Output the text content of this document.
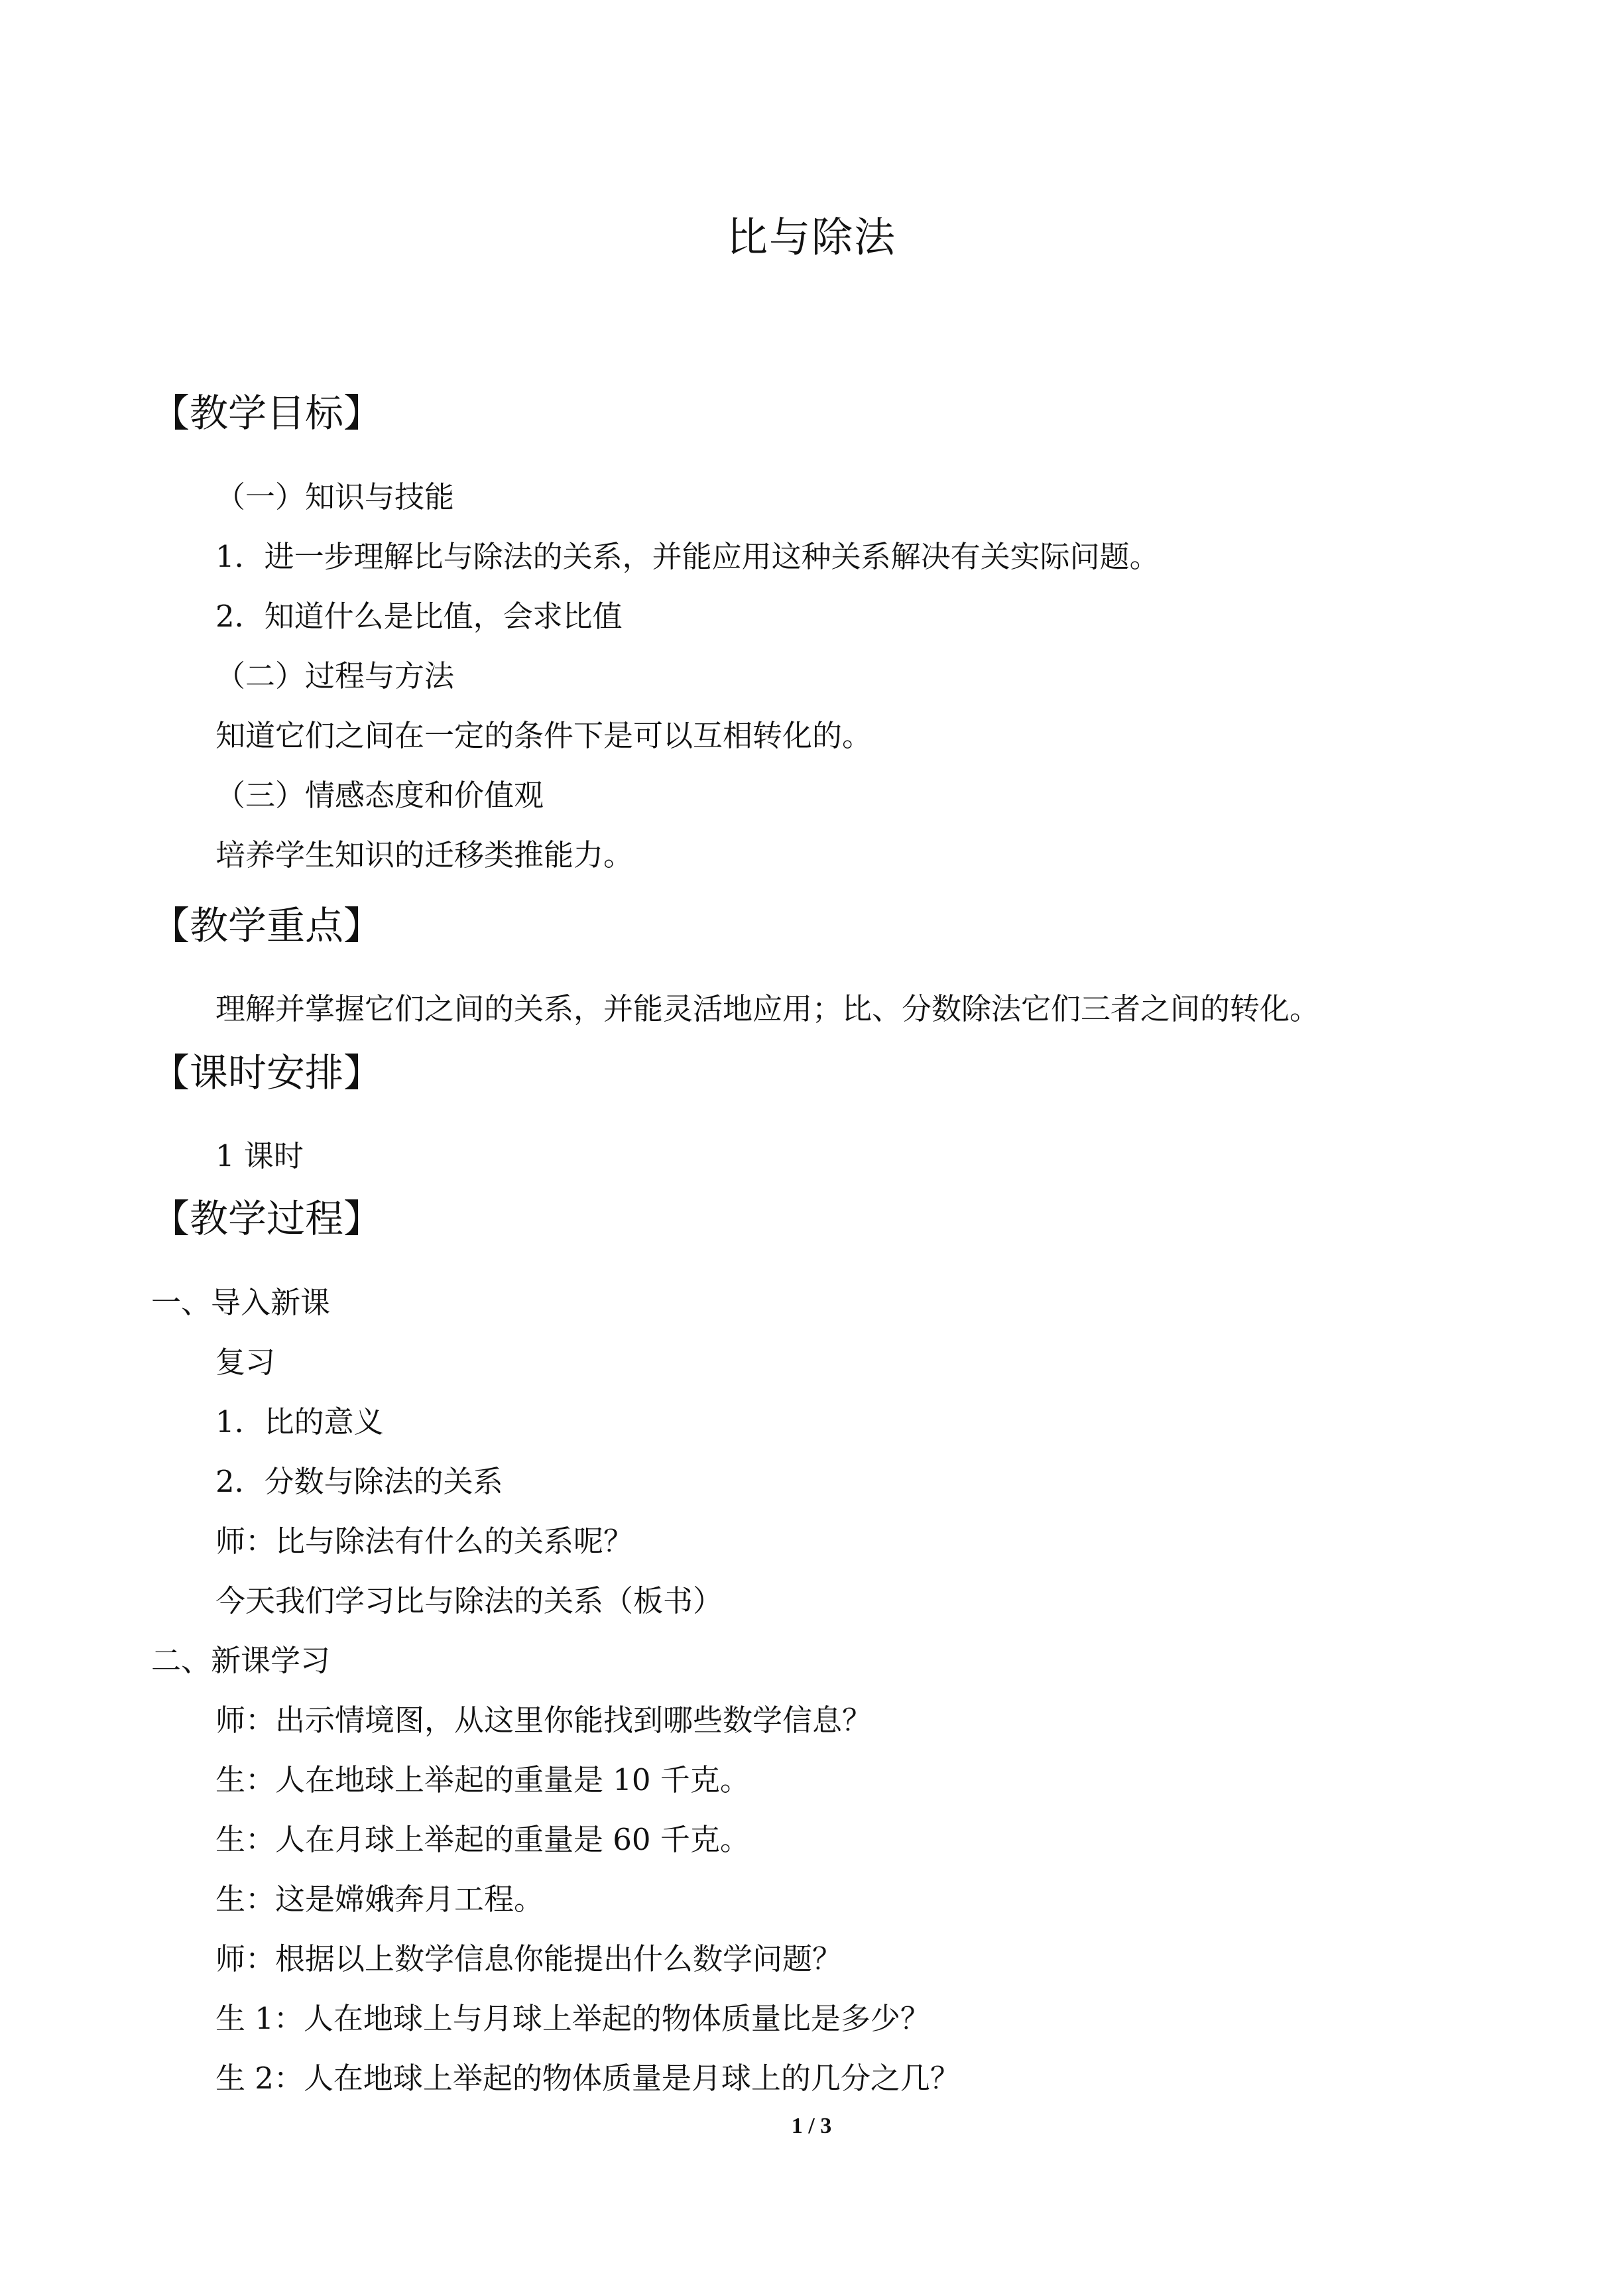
比与除法
【教学目标】

（一）知识与技能

1．进一步理解比与除法的关系，并能应用这种关系解决有关实际问题。

2．知道什么是比值，会求比值

（二）过程与方法

知道它们之间在一定的条件下是可以互相转化的。

（三）情感态度和价值观

培养学生知识的迁移类推能力。

【教学重点】

理解并掌握它们之间的关系，并能灵活地应用；比、分数除法它们三者之间的转化。

【课时安排】

1 课时

【教学过程】

一、导入新课

复习

1．比的意义

2．分数与除法的关系

师：比与除法有什么的关系呢？

今天我们学习比与除法的关系（板书）

二、新课学习

师：出示情境图，从这里你能找到哪些数学信息？

生：人在地球上举起的重量是 10 千克。

生：人在月球上举起的重量是 60 千克。

生：这是嫦娥奔月工程。

师：根据以上数学信息你能提出什么数学问题？

生 1：人在地球上与月球上举起的物体质量比是多少？

生 2：人在地球上举起的物体质量是月球上的几分之几？

1 / 3
